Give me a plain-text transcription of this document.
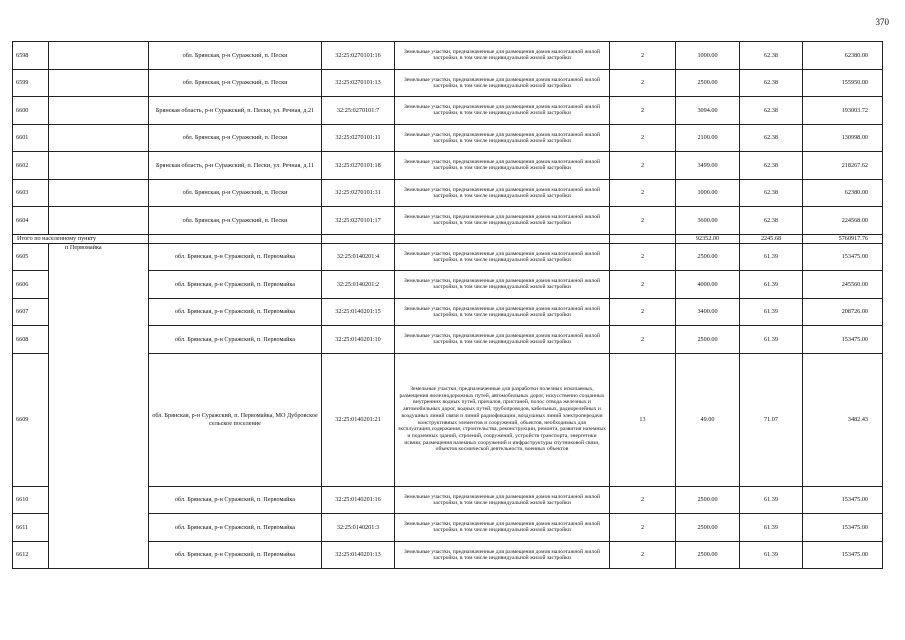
370
6598		обл. Брянская, р-н Суражский, п. Пески	32:25:0270101:16	Земельные участки, предназначенные для размещения домов малоэтажной жилой застройки, в том числе индивидуальной жилой застройки	2	1000.00	62.38	62380.00
6599		обл. Брянская, р-н Суражский, п. Пески	32:25:0270101:13	Земельные участки, предназначенные для размещения домов малоэтажной жилой застройки, в том числе индивидуальной жилой застройки	2	2500.00	62.38	155950.00
6600		Брянская область, р-н Суражский, п. Пески, ул. Речная, д.21	32:25:0270101:7	Земельные участки, предназначенные для размещения домов малоэтажной жилой застройки, в том числе индивидуальной жилой застройки	2	3094.00	62.38	193003.72
6601		обл. Брянская, р-н Суражский, п. Пески	32:25:0270101:11	Земельные участки, предназначенные для размещения домов малоэтажной жилой застройки, в том числе индивидуальной жилой застройки	2	2100.00	62.38	130998.00
6602		Брянская область, р-н Суражский, п. Пески, ул. Речная, д.11	32:25:0270101:18	Земельные участки, предназначенные для размещения домов малоэтажной жилой застройки, в том числе индивидуальной жилой застройки	2	3499.00	62.38	218267.62
6603		обл. Брянская, р-н Суражский, п. Пески	32:25:0270101:31	Земельные участки, предназначенные для размещения домов малоэтажной жилой застройки, в том числе индивидуальной жилой застройки	2	1000.00	62.38	62380.00
6604		обл. Брянская, р-н Суражский, п. Пески	32:25:0270101:17	Земельные участки, предназначенные для размещения домов малоэтажной жилой застройки, в том числе индивидуальной жилой застройки	2	3600.00	62.38	224568.00
Итого по населенному пункту						92352.00	2245.68	5760917.76
6605	п Первомайка	обл. Брянская, р-н Суражский, п. Первомайка	32:25:0140201:4	Земельные участки, предназначенные для размещения домов малоэтажной жилой застройки, в том числе индивидуальной жилой застройки	2	2500.00	61.39	153475.00
6606		обл. Брянская, р-н Суражский, п. Первомайка	32:25:0140201:2	Земельные участки, предназначенные для размещения домов малоэтажной жилой застройки, в том числе индивидуальной жилой застройки	2	4000.00	61.39	245560.00
6607		обл. Брянская, р-н Суражский, п. Первомайка	32:25:0140201:15	Земельные участки, предназначенные для размещения домов малоэтажной жилой застройки, в том числе индивидуальной жилой застройки	2	3400.00	61.39	208726.00
6608		обл. Брянская, р-н Суражский, п. Первомайка	32:25:0140201:10	Земельные участки, предназначенные для размещения домов малоэтажной жилой застройки, в том числе индивидуальной жилой застройки	2	2500.00	61.39	153475.00
6609		обл. Брянская, р-н Суражский, п. Первомайка, МО Дубровское сельское поселение	32:25:0140201:21	Земельные участки, предназначенные для разработки полезных ископаемых, размещения железнодорожных путей, автомобильных дорог, искусственно созданных внутренних водных путей, причалов, пристаней, полос отвода железных и автомобильных дорог, водных путей, трубопроводов, кабельных, радиорелейных и воздушных линий связи и линий радиофикации, воздушных линий электропередачи конструктивных элементов и сооружений, объектов, необходимых для эксплуатации,содержания, строительства, реконструкции, ремонта, развития наземных и подземных зданий, строений, сооружений, устройств транспорта, энергетики исвязи; размещения наземных сооружений и инфраструктуры спутниковой связи, объектов космической деятельности, военных объектов	13	49.00	71.07	3482.43
6610		обл. Брянская, р-н Суражский, п. Первомайка	32:25:0140201:16	Земельные участки, предназначенные для размещения домов малоэтажной жилой застройки, в том числе индивидуальной жилой застройки	2	2500.00	61.39	153475.00
6611		обл. Брянская, р-н Суражский, п. Первомайка	32:25:0140201:3	Земельные участки, предназначенные для размещения домов малоэтажной жилой застройки, в том числе индивидуальной жилой застройки	2	2500.00	61.39	153475.00
6612		обл. Брянская, р-н Суражский, п. Первомайка	32:25:0140201:13	Земельные участки, предназначенные для размещения домов малоэтажной жилой застройки, в том числе индивидуальной жилой застройки	2	2500.00	61.39	153475.00
